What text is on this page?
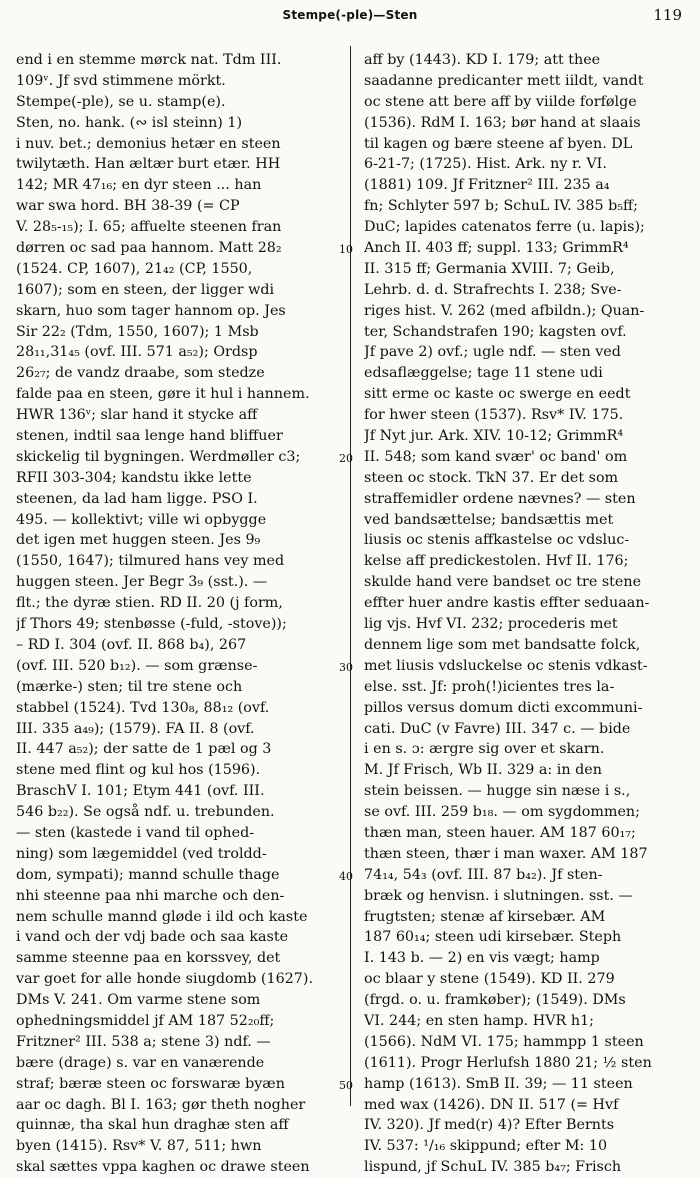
Stempe(-ple)—Sten	119
end i en stemme mørck nat. Tdm III.
109ᵛ. Jf svd stimmene mörkt.
Stempe(-ple), se u. stamp(e).
Sten, no. hank. (∾ isl steinn) 1)
i nuv. bet.; demonius hetær en steen
twilytæth. Han æltær burt etær. HH
142; MR 47₁₆; en dyr steen ... han
war swa hord. BH 38-39 (= CP
V. 28₅-₁₅); I. 65; affuelte steenen fran
dørren oc sad paa hannom. Matt 28₂
(1524. CP, 1607), 21₄₂ (CP, 1550,
1607); som en steen, der ligger wdi
skarn, huo som tager hannom op. Jes
Sir 22₂ (Tdm, 1550, 1607); 1 Msb
28₁₁,31₄₅ (ovf. III. 571 a₅₂); Ordsp
26₂₇; de vandz draabe, som stedze
falde paa en steen, gøre it hul i hannem.
HWR 136ᵛ; slar hand it stycke aff
stenen, indtil saa lenge hand bliffuer
skickelig til bygningen. Werdmøller c3;
RFII 303-304; kandstu ikke lette
steenen, da lad ham ligge. PSO I.
495. — kollektivt; ville wi opbygge
det igen met huggen steen. Jes 9₉
(1550, 1647); tilmured hans vey med
huggen steen. Jer Begr 3₉ (sst.). —
flt.; the dyræ stien. RD II. 20 (j form,
jf Thors 49; stenbøsse (-fuld, -stove));
– RD I. 304 (ovf. II. 868 b₄), 267
(ovf. III. 520 b₁₂). — som grænse-
(mærke-) sten; til tre stene och
stabbel (1524). Tvd 130₈, 88₁₂ (ovf.
III. 335 a₄₉); (1579). FA II. 8 (ovf.
II. 447 a₅₂); der satte de 1 pæl og 3
stene med flint og kul hos (1596).
BraschV I. 101; Etym 441 (ovf. III.
546 b₂₂). Se også ndf. u. trebunden.
— sten (kastede i vand til ophed-
ning) som lægemiddel (ved troldd-
dom, sympati); mannd schulle thage
nhi steenne paa nhi marche och den-
nem schulle mannd gløde i ild och kaste
i vand och der vdj bade och saa kaste
samme steenne paa en korssvey, det
var goet for alle honde siugdomb (1627).
DMs V. 241. Om varme stene som
ophedningsmiddel jf AM 187 52₂₀ff;
Fritzner² III. 538 a; stene 3) ndf. —
bære (drage) s. var en vanærende
straf; bæræ steen oc forswaræ byæn
aar oc dagh. Bl I. 163; gør theth nogher
quinnæ, tha skal hun draghæ sten aff
byen (1415). Rsv* V. 87, 511; hwn
skal sættes vppa kaghen oc drawe steen
10
20
30
40
50
aff by (1443). KD I. 179; att thee
saadanne predicanter mett iildt, vandt
oc stene att bere aff by viilde forfølge
(1536). RdM I. 163; bør hand at slaais
til kagen og bære steene af byen. DL
6-21-7; (1725). Hist. Ark. ny r. VI.
(1881) 109. Jf Fritzner² III. 235 a₄
fn; Schlyter 597 b; SchuL IV. 385 b₅ff;
DuC; lapides catenatos ferre (u. lapis);
Anch II. 403 ff; suppl. 133; GrimmR⁴
II. 315 ff; Germania XVIII. 7; Geib,
Lehrb. d. d. Strafrechts I. 238; Sve-
riges hist. V. 262 (med afbildn.); Quan-
ter, Schandstrafen 190; kagsten ovf.
Jf pave 2) ovf.; ugle ndf. — sten ved
edsaflæggelse; tage 11 stene udi
sitt erme oc kaste oc swerge en eedt
for hwer steen (1537). Rsv* IV. 175.
Jf Nyt jur. Ark. XIV. 10-12; GrimmR⁴
II. 548; som kand svær' oc band' om
steen oc stock. TkN 37. Er det som
straffemidler ordene nævnes? — sten
ved bandsættelse; bandsættis met
liusis oc stenis affkastelse oc vdsluc-
kelse aff predickestolen. Hvf II. 176;
skulde hand vere bandset oc tre stene
effter huer andre kastis effter seduaan-
lig vjs. Hvf VI. 232; procederis met
dennem lige som met bandsatte folck,
met liusis vdsluckelse oc stenis vdkast-
else. sst. Jf: proh(!)icientes tres la-
pillos versus domum dicti excommuni-
cati. DuC (v Favre) III. 347 c. — bide
i en s. ɔ: ærgre sig over et skarn.
M. Jf Frisch, Wb II. 329 a: in den
stein beissen. — hugge sin næse i s.,
se ovf. III. 259 b₁₈. — om sygdommen;
thæn man, steen hauer. AM 187 60₁₇;
thæn steen, thær i man waxer. AM 187
74₁₄, 54₃ (ovf. III. 87 b₄₂). Jf sten-
bræk og henvisn. i slutningen. sst. —
frugtsten; stenæ af kirsebær. AM
187 60₁₄; steen udi kirsebær. Steph
I. 143 b. — 2) en vis vægt; hamp
oc blaar y stene (1549). KD II. 279
(frgd. o. u. framkøber); (1549). DMs
VI. 244; en sten hamp. HVR h1;
(1566). NdM VI. 175; hammpp 1 steen
(1611). Progr Herlufsh 1880 21; ½ sten
hamp (1613). SmB II. 39; — 11 steen
med wax (1426). DN II. 517 (= Hvf
IV. 320). Jf med(r) 4)? Efter Bernts
IV. 537: ¹/₁₆ skippund; efter M: 10
lispund, jf SchuL IV. 385 b₄₇; Frisch
